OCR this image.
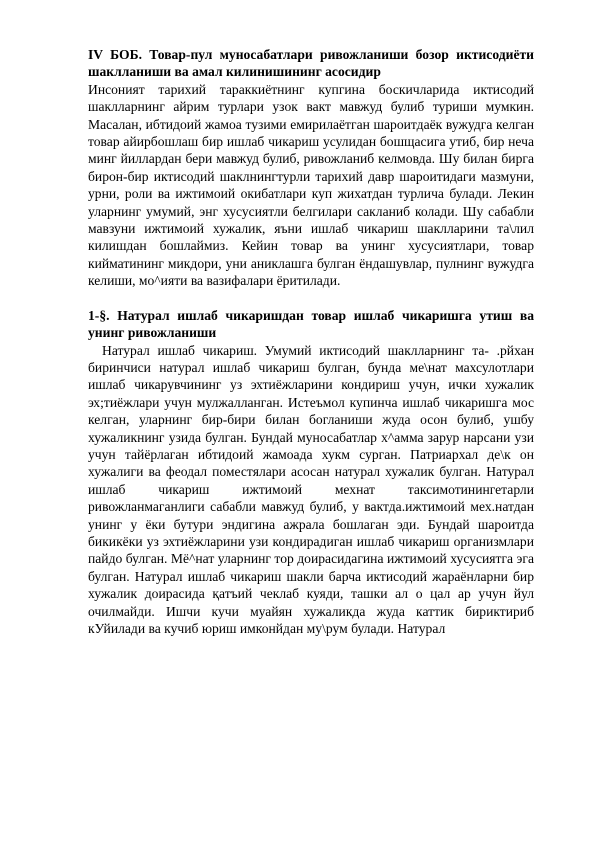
IV БОБ. Товар-пул муносабатлари ривожланиши бозор иктисодиёти шаклланиши ва амал килинишининг асосидир

Инсоният тарихий тараккиётнинг купгина боскичларида иктисодий шаклларнинг айрим турлари узок вакт мавжуд булиб туриши мумкин. Масалан, ибтидоий жамоа тузими емирилаётган шароитдаёк вужудга келган товар айирбошлаш бир ишлаб чикариш усулидан бошщасига утиб, бир неча минг йиллардан бери мавжуд булиб, ривожланиб келмовда. Шу билан бирга бирон-бир иктисодий шаклнингтурли тарихий давр шароитидаги мазмуни, урни, роли ва ижтимоий окибатлари куп жихатдан турлича булади. Лекин уларнинг умумий, энг хусусиятли белгилари сакланиб колади. Шу сабабли мавзуни ижтимоий хужалик, яъни ишлаб чикариш шаклларини та\лил килишдан бошлаймиз. Кейин товар ва унинг хусусиятлари, товар кийматининг микдори, уни аниклашга булган ёндашувлар, пулнинг вужудга келиши, мо^ияти ва вазифалари ёритилади.

1-§. Натурал ишлаб чикаришдан товар ишлаб чикаришга утиш ва унинг ривожланиши

Натурал ишлаб чикариш. Умумий иктисодий шаклларнинг та- .рйхан биринчиси натурал ишлаб чикариш булган, бунда ме\нат махсулотлари ишлаб чикарувчининг уз эхтиёжларини кондириш учун, ички хужалик эх;тиёжлари учун мулжалланган. Истеъмол купинча ишлаб чикаришга мос келган, уларнинг бир-бири билан богланиши жуда осон булиб, ушбу хужаликнинг узида булган. Бундай муносабатлар х^амма зарур нарсани узи учун тайёрлаган ибтидоий жамоада хукм сурган. Патриархал де\к он хужалиги ва феодал поместялари асосан натурал хужалик булган. Натурал ишлаб чикариш ижтимоий мехнат таксимотинингетарли ривожланмаганлиги сабабли мавжуд булиб, у вактда.ижтимоий мех.натдан унинг у ёки бутури эндигина ажрала бошлаган эди. Бундай шароитда бикикёки уз эхтиёжларини узи кондирадиган ишлаб чикариш организмлари пайдо булган. Мё^нат уларнинг тор доирасидагина ижтимоий хусусиятга эга булган. Натурал ишлаб чикариш шакли барча иктисодий жараёнларни бир хужалик доирасида қатъий чеклаб куяди, ташки ал о цал ар учун йул очилмайди. Ишчи кучи муайян хужаликда жуда каттик бириктириб кУйилади ва кучиб юриш имконйдан му\рум булади. Натурал
